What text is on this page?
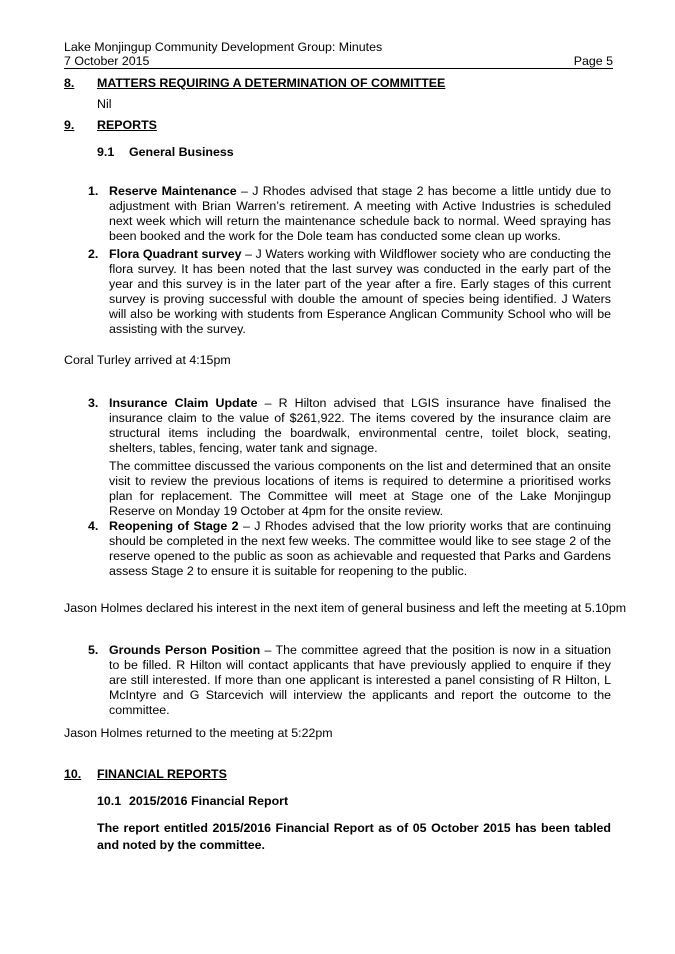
Lake Monjingup Community Development Group: Minutes
7 October 2015	Page 5
8. MATTERS REQUIRING A DETERMINATION OF COMMITTEE
Nil
9. REPORTS
9.1 General Business
1. Reserve Maintenance – J Rhodes advised that stage 2 has become a little untidy due to adjustment with Brian Warren’s retirement. A meeting with Active Industries is scheduled next week which will return the maintenance schedule back to normal. Weed spraying has been booked and the work for the Dole team has conducted some clean up works.
2. Flora Quadrant survey – J Waters working with Wildflower society who are conducting the flora survey. It has been noted that the last survey was conducted in the early part of the year and this survey is in the later part of the year after a fire. Early stages of this current survey is proving successful with double the amount of species being identified. J Waters will also be working with students from Esperance Anglican Community School who will be assisting with the survey.
Coral Turley arrived at 4:15pm
3. Insurance Claim Update – R Hilton advised that LGIS insurance have finalised the insurance claim to the value of $261,922. The items covered by the insurance claim are structural items including the boardwalk, environmental centre, toilet block, seating, shelters, tables, fencing, water tank and signage.
The committee discussed the various components on the list and determined that an onsite visit to review the previous locations of items is required to determine a prioritised works plan for replacement. The Committee will meet at Stage one of the Lake Monjingup Reserve on Monday 19 October at 4pm for the onsite review.
4. Reopening of Stage 2 – J Rhodes advised that the low priority works that are continuing should be completed in the next few weeks. The committee would like to see stage 2 of the reserve opened to the public as soon as achievable and requested that Parks and Gardens assess Stage 2 to ensure it is suitable for reopening to the public.
Jason Holmes declared his interest in the next item of general business and left the meeting at 5.10pm
5. Grounds Person Position – The committee agreed that the position is now in a situation to be filled. R Hilton will contact applicants that have previously applied to enquire if they are still interested. If more than one applicant is interested a panel consisting of R Hilton, L McIntyre and G Starcevich will interview the applicants and report the outcome to the committee.
Jason Holmes returned to the meeting at 5:22pm
10. FINANCIAL REPORTS
10.1 2015/2016 Financial Report
The report entitled 2015/2016 Financial Report as of 05 October 2015 has been tabled and noted by the committee.
